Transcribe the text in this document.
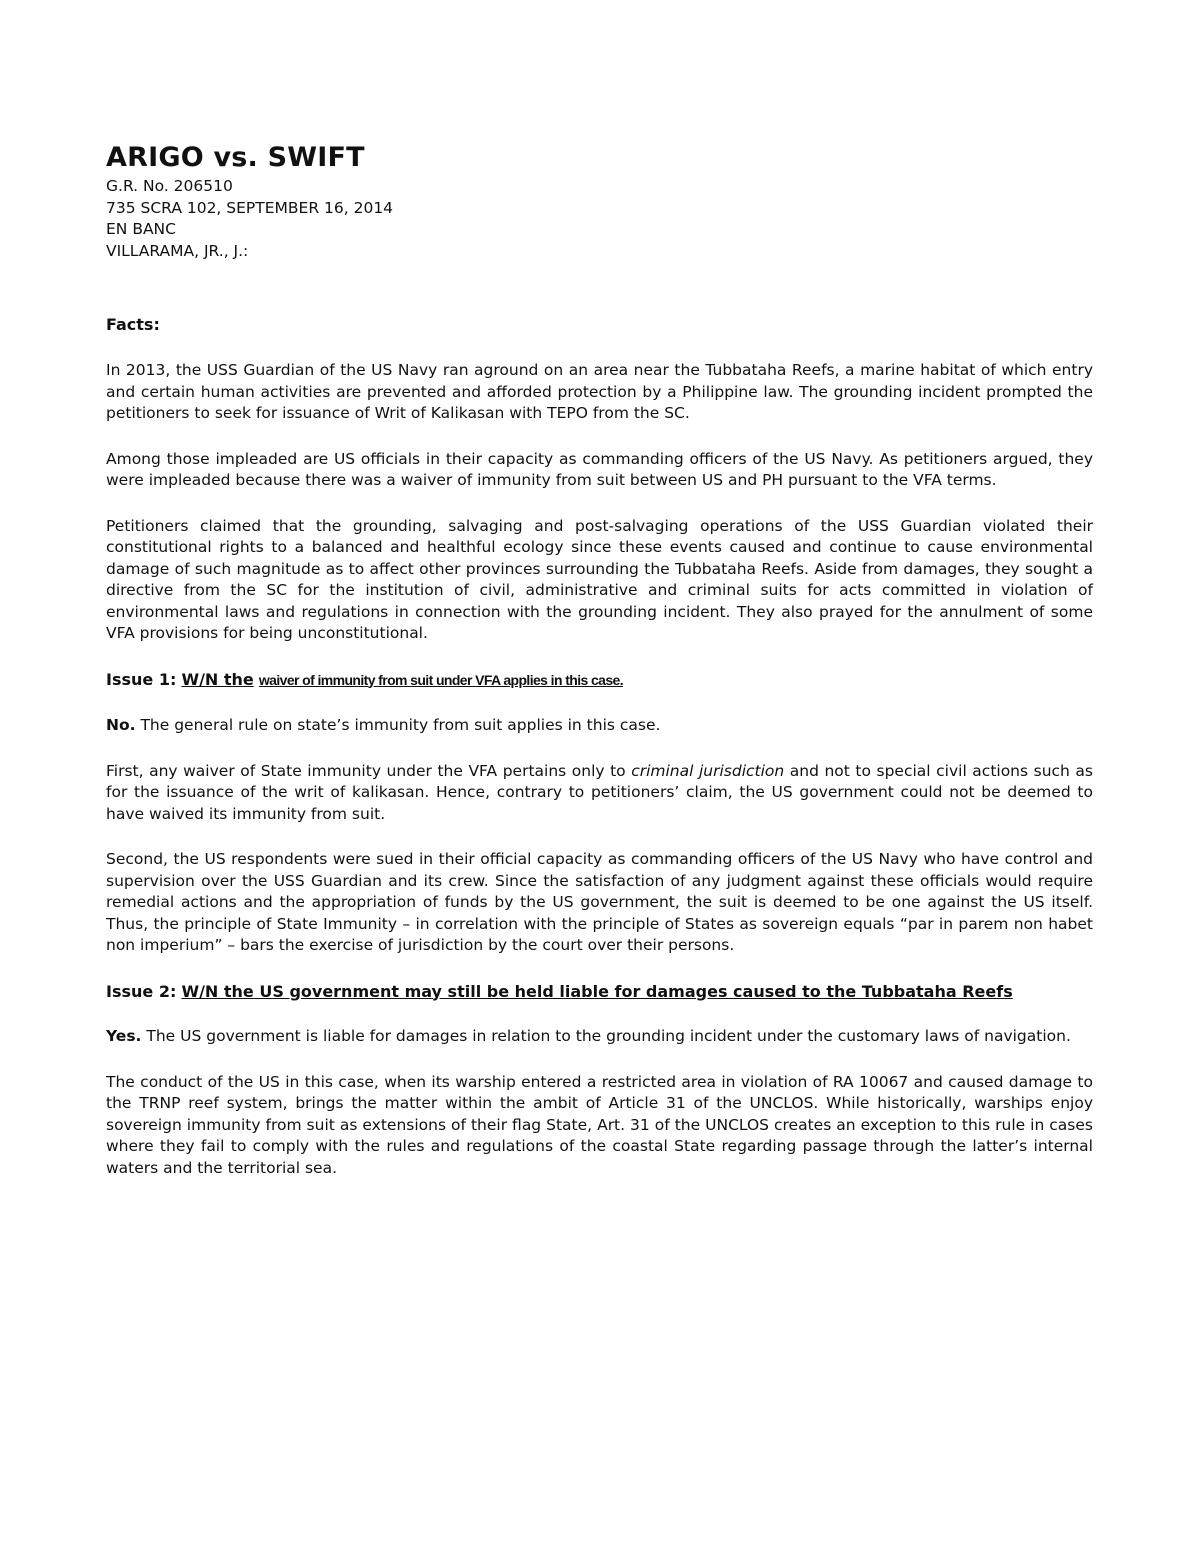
ARIGO vs. SWIFT
G.R. No. 206510
735 SCRA 102, SEPTEMBER 16, 2014
EN BANC
VILLARAMA, JR., J.:
Facts:

In 2013, the USS Guardian of the US Navy ran aground on an area near the Tubbataha Reefs, a marine habitat of which entry and certain human activities are prevented and afforded protection by a Philippine law. The grounding incident prompted the petitioners to seek for issuance of Writ of Kalikasan with TEPO from the SC.

Among those impleaded are US officials in their capacity as commanding officers of the US Navy. As petitioners argued, they were impleaded because there was a waiver of immunity from suit between US and PH pursuant to the VFA terms.

Petitioners claimed that the grounding, salvaging and post-salvaging operations of the USS Guardian violated their constitutional rights to a balanced and healthful ecology since these events caused and continue to cause environmental damage of such magnitude as to affect other provinces surrounding the Tubbataha Reefs. Aside from damages, they sought a directive from the SC for the institution of civil, administrative and criminal suits for acts committed in violation of environmental laws and regulations in connection with the grounding incident. They also prayed for the annulment of some VFA provisions for being unconstitutional.

Issue 1: W/N the waiver of immunity from suit under VFA applies in this case.

No. The general rule on state’s immunity from suit applies in this case.

First, any waiver of State immunity under the VFA pertains only to criminal jurisdiction and not to special civil actions such as for the issuance of the writ of kalikasan. Hence, contrary to petitioners’ claim, the US government could not be deemed to have waived its immunity from suit.

Second, the US respondents were sued in their official capacity as commanding officers of the US Navy who have control and supervision over the USS Guardian and its crew. Since the satisfaction of any judgment against these officials would require remedial actions and the appropriation of funds by the US government, the suit is deemed to be one against the US itself. Thus, the principle of State Immunity – in correlation with the principle of States as sovereign equals “par in parem non habet non imperium” – bars the exercise of jurisdiction by the court over their persons.

Issue 2: W/N the US government may still be held liable for damages caused to the Tubbataha Reefs

Yes. The US government is liable for damages in relation to the grounding incident under the customary laws of navigation.

The conduct of the US in this case, when its warship entered a restricted area in violation of RA 10067 and caused damage to the TRNP reef system, brings the matter within the ambit of Article 31 of the UNCLOS. While historically, warships enjoy sovereign immunity from suit as extensions of their flag State, Art. 31 of the UNCLOS creates an exception to this rule in cases where they fail to comply with the rules and regulations of the coastal State regarding passage through the latter’s internal waters and the territorial sea.
